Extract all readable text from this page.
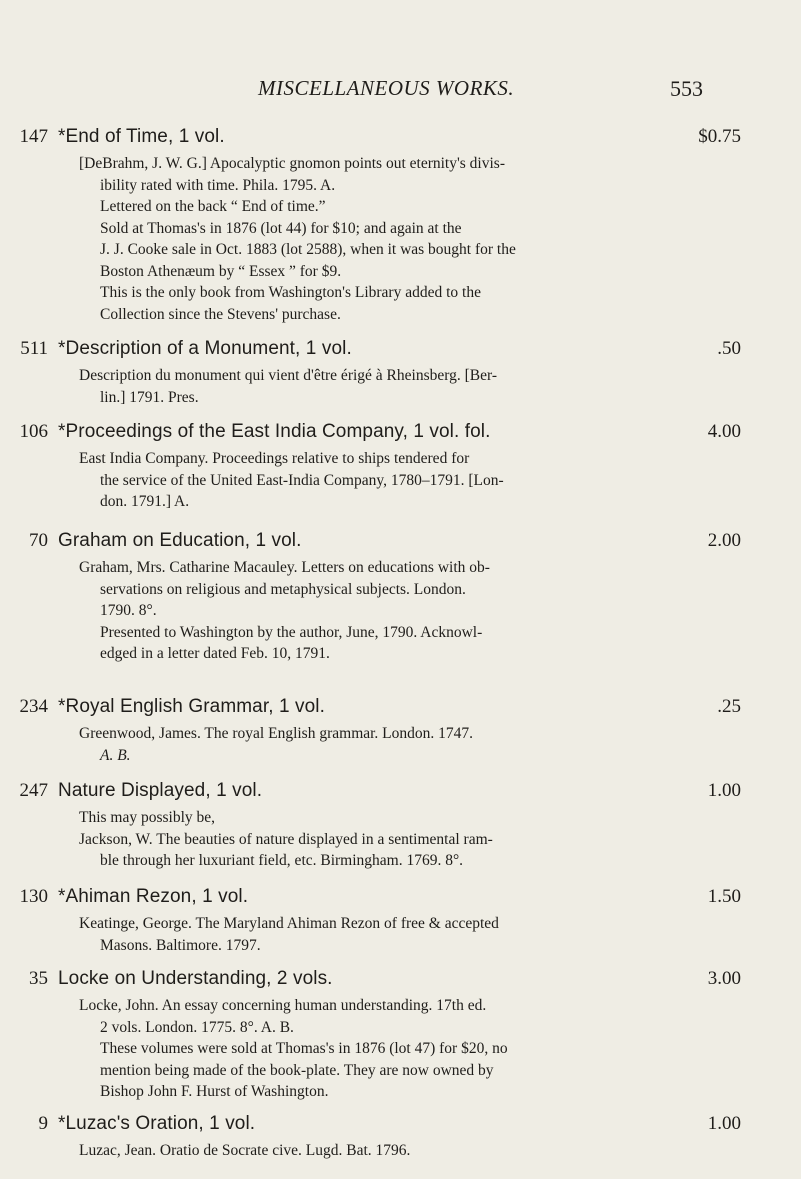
MISCELLANEOUS WORKS.	553
147 *End of Time, 1 vol.	$0.75
[DeBrahm, J. W. G.] Apocalyptic gnomon points out eternity's divis-
ibility rated with time. Phila. 1795. A.
Lettered on the back “ End of time.”
Sold at Thomas's in 1876 (lot 44) for $10; and again at the
J. J. Cooke sale in Oct. 1883 (lot 2588), when it was bought for the
Boston Athenæum by “ Essex ” for $9.
This is the only book from Washington's Library added to the
Collection since the Stevens' purchase.
511 *Description of a Monument, 1 vol.	.50
Description du monument qui vient d'être érigé à Rheinsberg. [Ber-
lin.] 1791. Pres.
106 *Proceedings of the East India Company, 1 vol. fol.	4.00
East India Company. Proceedings relative to ships tendered for
the service of the United East-India Company, 1780–1791. [Lon-
don. 1791.] A.
70 Graham on Education, 1 vol.	2.00
Graham, Mrs. Catharine Macauley. Letters on educations with ob-
servations on religious and metaphysical subjects. London.
1790. 8°.
Presented to Washington by the author, June, 1790. Acknowl-
edged in a letter dated Feb. 10, 1791.
234 *Royal English Grammar, 1 vol.	.25
Greenwood, James. The royal English grammar. London. 1747.
A. B.
247 Nature Displayed, 1 vol.	1.00
This may possibly be,
Jackson, W. The beauties of nature displayed in a sentimental ram-
ble through her luxuriant field, etc. Birmingham. 1769. 8°.
130 *Ahiman Rezon, 1 vol.	1.50
Keatinge, George. The Maryland Ahiman Rezon of free & accepted
Masons. Baltimore. 1797.
35 Locke on Understanding, 2 vols.	3.00
Locke, John. An essay concerning human understanding. 17th ed.
2 vols. London. 1775. 8°. A. B.
These volumes were sold at Thomas's in 1876 (lot 47) for $20, no
mention being made of the book-plate. They are now owned by
Bishop John F. Hurst of Washington.
9 *Luzac's Oration, 1 vol.	1.00
Luzac, Jean. Oratio de Socrate cive. Lugd. Bat. 1796.
